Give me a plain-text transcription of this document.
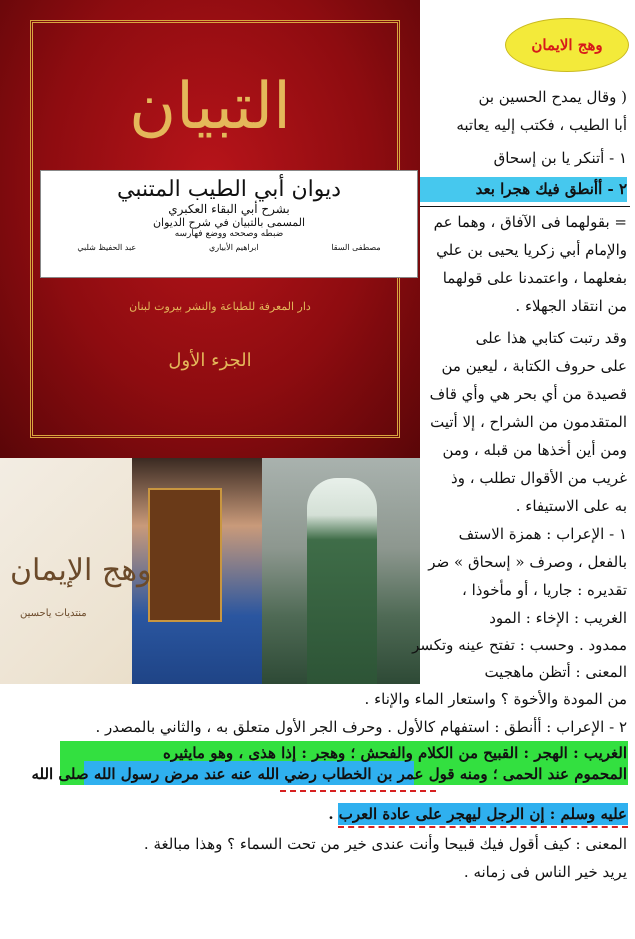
التبيان
دار المعرفة للطباعة والنشر بيروت لبنان
الجزء الأول
ديوان أبي الطيب المتنبي
بشرح أبي البقاء العكبري
المسمى بالتبيان في شرح الديوان
ضبطه وصححه ووضع فهارسه
مصطفى السقا
ابراهيم الأبياري
عبد الحفيظ شلبي
وهج الايمان
وهج الإيمان
منتديات ياحسين
( وقال يمدح الحسين بن
أبا الطيب ، فكتب إليه يعاتبه
١ - أتنكر يا بن إسحاق
٢ - أأنطق فيك هجرا بعد
= بقولهما فى الآفاق ، وهما عم
والإمام أبي زكريا يحيى بن علي
بفعلهما ، واعتمدنا على قولهما
من انتقاد الجهلاء .
وقد رتبت كتابي هذا على
على حروف الكتابة ، ليعين من
قصيدة من أي بحر هي وأي قاف
المتقدمون من الشراح ، إلا أتيت
ومن أين أخذها من قبله ، ومن
غريب من الأقوال تطلب ، وذ
به على الاستيفاء .
١ - الإعراب : همزة الاستف
بالفعل ، وصرف « إسحاق » ضر
تقديره : جاريا ، أو مأخوذا ،
الغريب : الإخاء : المود
ممدود . وحسب : تفتح عينه وتكسر
المعنى : أتظن ماهجيت
من المودة والأخوة ؟ واستعار الماء والإناء .
٢ - الإعراب : أأنطق : استفهام كالأول . وحرف الجر الأول متعلق به ، والثاني بالمصدر .
الغريب : الهجر : القبيح من الكلام والفحش ؛ وهجر : إذا هذى ، وهو مايثيره
المحموم عند الحمى ؛ ومنه قول عمر بن الخطاب رضي الله عنه عند مرض رسول الله صلى الله
عليه وسلم : إن الرجل ليهجر على عادة العرب .
المعنى : كيف أقول فيك قبيحا وأنت عندى خير من تحت السماء ؟ وهذا مبالغة .
يريد خير الناس فى زمانه .
